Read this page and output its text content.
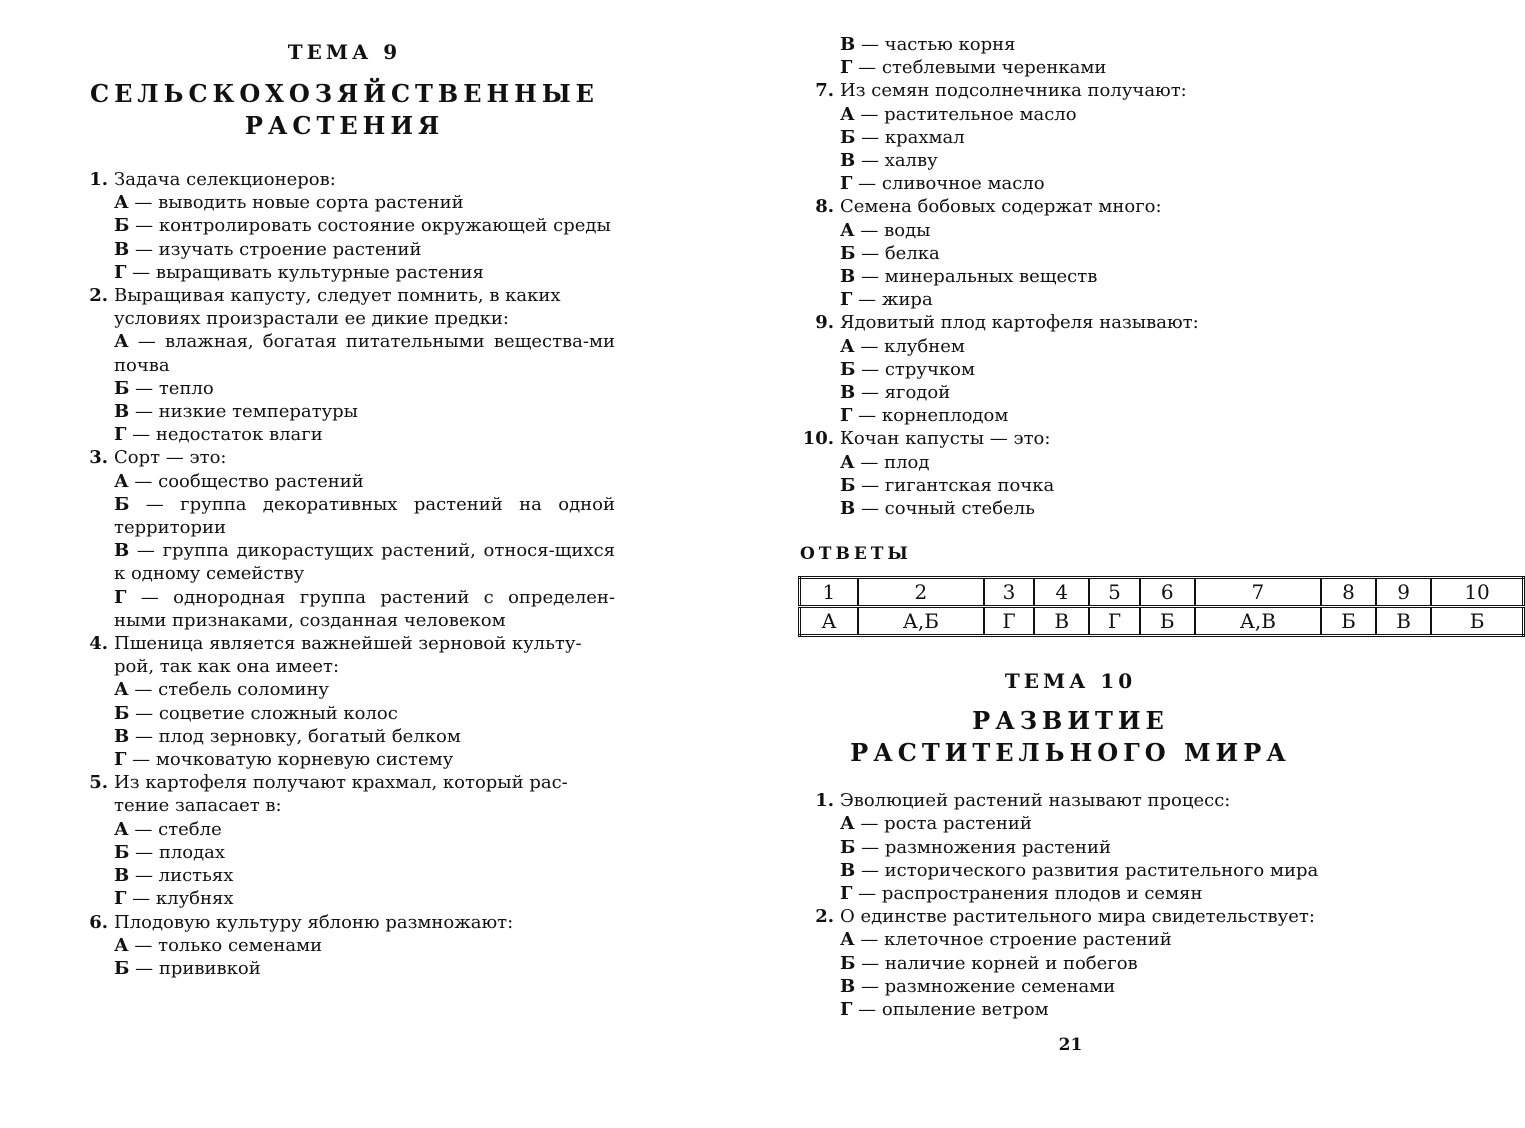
ТЕМА 9

СЕЛЬСКОХОЗЯЙСТВЕННЫЕ
РАСТЕНИЯ

1. Задача селекционеров:
А — выводить новые сорта растений
Б — контролировать состояние окружающей среды
В — изучать строение растений
Г — выращивать культурные растения
2. Выращивая капусту, следует помнить, в каких условиях произрастали ее дикие предки:
А — влажная, богатая питательными вещества-ми почва
Б — тепло
В — низкие температуры
Г — недостаток влаги
3. Сорт — это:
А — сообщество растений
Б — группа декоративных растений на одной территории
В — группа дикорастущих растений, относя-щихся к одному семейству
Г — однородная группа растений с определен-ными признаками, созданная человеком
4. Пшеница является важнейшей зерновой культу-рой, так как она имеет:
А — стебель соломину
Б — соцветие сложный колос
В — плод зерновку, богатый белком
Г — мочковатую корневую систему
5. Из картофеля получают крахмал, который рас-тение запасает в:
А — стебле
Б — плодах
В — листьях
Г — клубнях
6. Плодовую культуру яблоню размножают:
А — только семенами
Б — прививкой
В — частью корня
Г — стеблевыми черенками
7. Из семян подсолнечника получают:
А — растительное масло
Б — крахмал
В — халву
Г — сливочное масло
8. Семена бобовых содержат много:
А — воды
Б — белка
В — минеральных веществ
Г — жира
9. Ядовитый плод картофеля называют:
А — клубнем
Б — стручком
В — ягодой
Г — корнеплодом
10. Кочан капусты — это:
А — плод
Б — гигантская почка
В — сочный стебель

ОТВЕТЫ

1	2	3	4	5	6	7	8	9	10
А	А,Б	Г	В	Г	Б	А,В	Б	В	Б

ТЕМА 10

РАЗВИТИЕ
РАСТИТЕЛЬНОГО МИРА

1. Эволюцией растений называют процесс:
А — роста растений
Б — размножения растений
В — исторического развития растительного мира
Г — распространения плодов и семян
2. О единстве растительного мира свидетельствует:
А — клеточное строение растений
Б — наличие корней и побегов
В — размножение семенами
Г — опыление ветром
21
